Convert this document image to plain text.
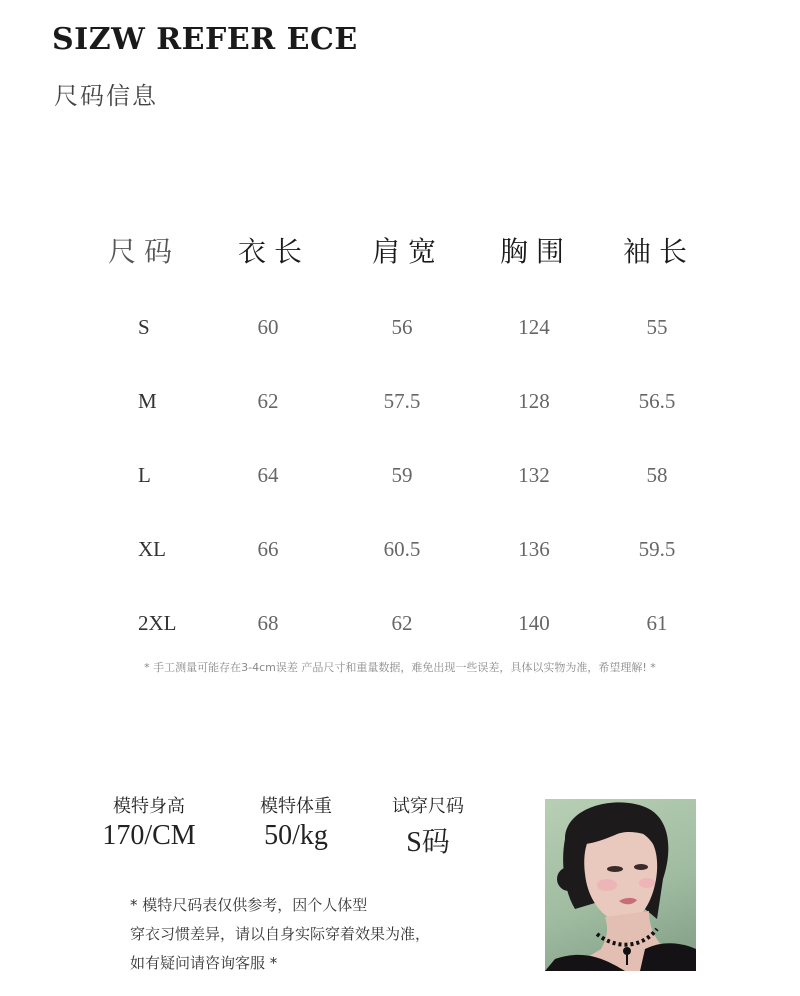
SIZW REFER ECE
尺码信息
尺码	衣长	肩宽	胸围	袖长
S	60	56	124	55
M	62	57.5	128	56.5
L	64	59	132	58
XL	66	60.5	136	59.5
2XL	68	62	140	61
* 手工测量可能存在3-4cm误差 产品尺寸和重量数据，难免出现一些误差，具体以实物为准，希望理解! *
模特身高
170/CM
模特体重
50/kg
试穿尺码
S码
* 模特尺码表仅供参考，因个人体型
穿衣习惯差异，请以自身实际穿着效果为准，
如有疑问请咨询客服 *
